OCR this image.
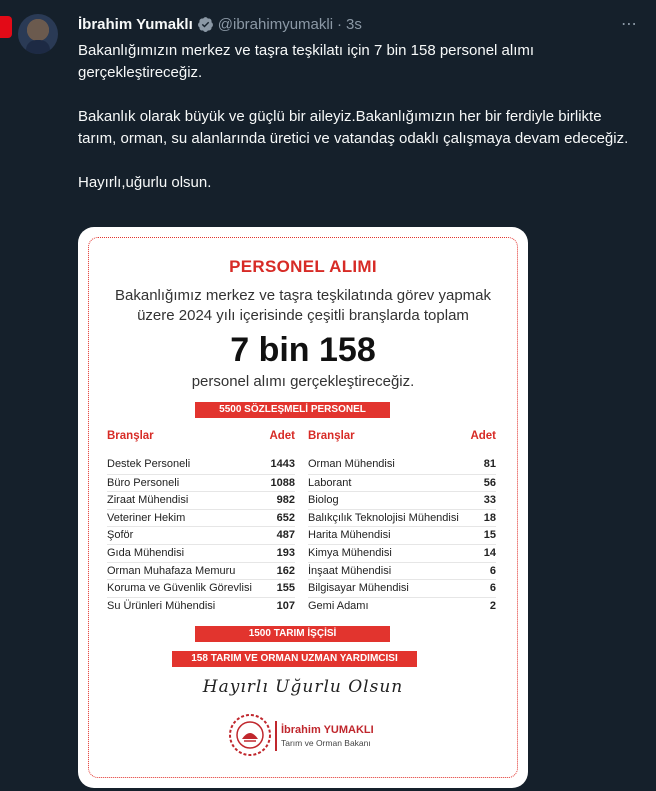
İbrahim Yumaklı @ibrahimyumakli · 3s	⋯

Bakanlığımızın merkez ve taşra teşkilatı için 7 bin 158 personel alımı gerçekleştireceğiz.

Bakanlık olarak büyük ve güçlü bir aileyiz.Bakanlığımızın her bir ferdiyle birlikte tarım, orman, su alanlarında üretici ve vatandaş odaklı çalışmaya devam edeceğiz.

Hayırlı,uğurlu olsun.

PERSONEL ALIMI
Bakanlığımız merkez ve taşra teşkilatında görev yapmak
üzere 2024 yılı içerisinde çeşitli branşlarda toplam
7 bin 158
personel alımı gerçekleştireceğiz.
5500 SÖZLEŞMELİ PERSONEL
Branşlar	Adet
Destek Personeli	1443
Büro Personeli	1088
Ziraat Mühendisi	982
Veteriner Hekim	652
Şoför	487
Gıda Mühendisi	193
Orman Muhafaza Memuru	162
Koruma ve Güvenlik Görevlisi 155
Su Ürünleri Mühendisi	107
Branşlar	Adet
Orman Mühendisi	81
Laborant	56
Biolog	33
Balıkçılık Teknolojisi Mühendisi 18
Harita Mühendisi	15
Kimya Mühendisi	14
İnşaat Mühendisi	6
Bilgisayar Mühendisi	6
Gemi Adamı	2
1500 TARIM İŞÇİSİ
158 TARIM VE ORMAN UZMAN YARDIMCISI
Hayırlı Uğurlu Olsun
İbrahim YUMAKLI
Tarım ve Orman Bakanı
